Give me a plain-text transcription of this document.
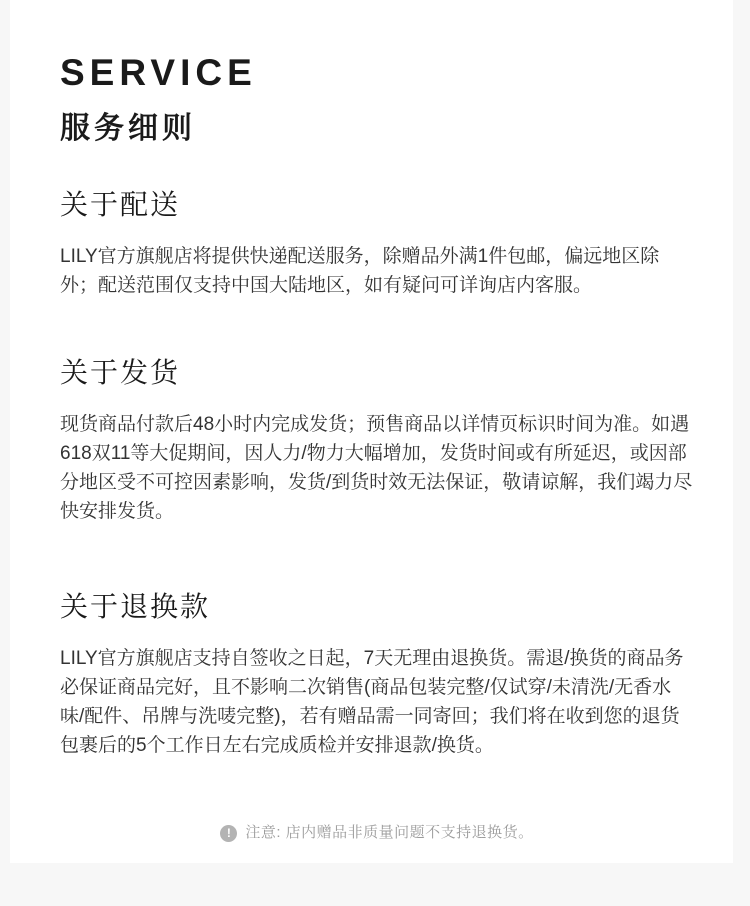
SERVICE
服务细则
关于配送

LILY官方旗舰店将提供快递配送服务，除赠品外满1件包邮，偏远地区除外；配送范围仅支持中国大陆地区，如有疑问可详询店内客服。

关于发货

现货商品付款后48小时内完成发货；预售商品以详情页标识时间为准。如遇618双11等大促期间，因人力/物力大幅增加，发货时间或有所延迟，或因部分地区受不可控因素影响，发货/到货时效无法保证，敬请谅解，我们竭力尽快安排发货。

关于退换款

LILY官方旗舰店支持自签收之日起，7天无理由退换货。需退/换货的商品务必保证商品完好，且不影响二次销售(商品包装完整/仅试穿/未清洗/无香水味/配件、吊牌与洗唛完整)，若有赠品需一同寄回；我们将在收到您的退货包裹后的5个工作日左右完成质检并安排退款/换货。

! 注意: 店内赠品非质量问题不支持退换货。
